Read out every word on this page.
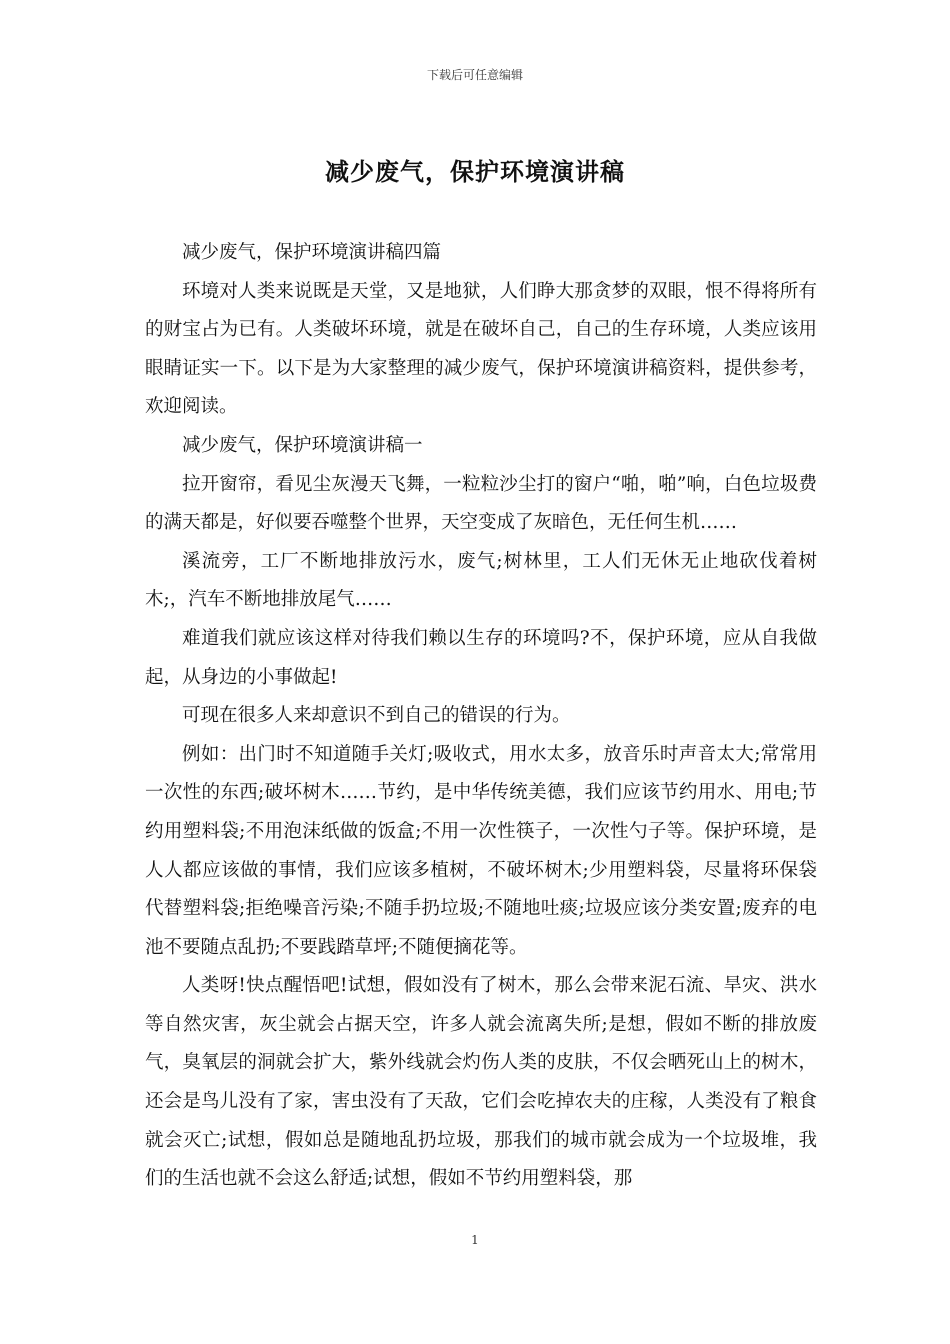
下载后可任意编辑
减少废气，保护环境演讲稿

减少废气，保护环境演讲稿四篇

环境对人类来说既是天堂，又是地狱，人们睁大那贪梦的双眼，恨不得将所有的财宝占为已有。人类破坏环境，就是在破坏自己，自己的生存环境，人类应该用眼睛证实一下。以下是为大家整理的减少废气，保护环境演讲稿资料，提供参考，欢迎阅读。

减少废气，保护环境演讲稿一

拉开窗帘，看见尘灰漫天飞舞，一粒粒沙尘打的窗户“啪，啪”响，白色垃圾费的满天都是，好似要吞噬整个世界，天空变成了灰暗色，无任何生机……

溪流旁，工厂不断地排放污水，废气;树林里，工人们无休无止地砍伐着树木;，汽车不断地排放尾气……

难道我们就应该这样对待我们赖以生存的环境吗?不，保护环境，应从自我做起，从身边的小事做起!

可现在很多人来却意识不到自己的错误的行为。

例如：出门时不知道随手关灯;吸收式，用水太多，放音乐时声音太大;常常用一次性的东西;破坏树木……节约，是中华传统美德，我们应该节约用水、用电;节约用塑料袋;不用泡沫纸做的饭盒;不用一次性筷子，一次性勺子等。保护环境，是人人都应该做的事情，我们应该多植树，不破坏树木;少用塑料袋，尽量将环保袋代替塑料袋;拒绝噪音污染;不随手扔垃圾;不随地吐痰;垃圾应该分类安置;废弃的电池不要随点乱扔;不要践踏草坪;不随便摘花等。

人类呀!快点醒悟吧!试想，假如没有了树木，那么会带来泥石流、旱灾、洪水等自然灾害，灰尘就会占据天空，许多人就会流离失所;是想，假如不断的排放废气，臭氧层的洞就会扩大，紫外线就会灼伤人类的皮肤，不仅会晒死山上的树木，还会是鸟儿没有了家，害虫没有了天敌，它们会吃掉农夫的庄稼，人类没有了粮食就会灭亡;试想，假如总是随地乱扔垃圾，那我们的城市就会成为一个垃圾堆，我们的生活也就不会这么舒适;试想，假如不节约用塑料袋，那

1
